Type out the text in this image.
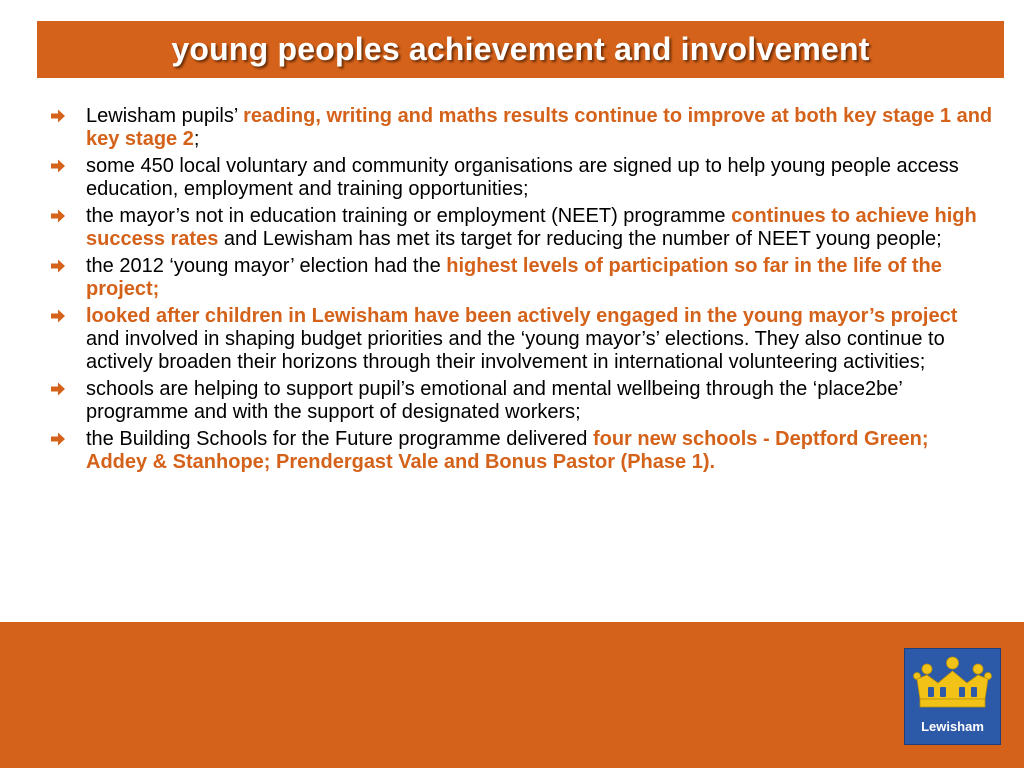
young peoples achievement and involvement
Lewisham pupils’ reading, writing and maths results continue to improve at both key stage 1 and key stage 2;
some 450 local voluntary and community organisations are signed up to help young people access education, employment and training opportunities;
the mayor’s not in education training or employment (NEET) programme continues to achieve high success rates and Lewisham has met its target for reducing the number of NEET young people;
the 2012 ‘young mayor’ election had the highest levels of participation so far in the life of the project;
looked after children in Lewisham have been actively engaged in the young mayor’s project and involved in shaping budget priorities and the ‘young mayor’s’ elections. They also continue to actively broaden their horizons through their involvement in international volunteering activities;
schools are helping to support pupil’s emotional and mental wellbeing through the ‘place2be’ programme and with the support of designated workers;
the Building Schools for the Future programme delivered four new schools - Deptford Green; Addey & Stanhope; Prendergast Vale and Bonus Pastor (Phase 1).
Lewisham
